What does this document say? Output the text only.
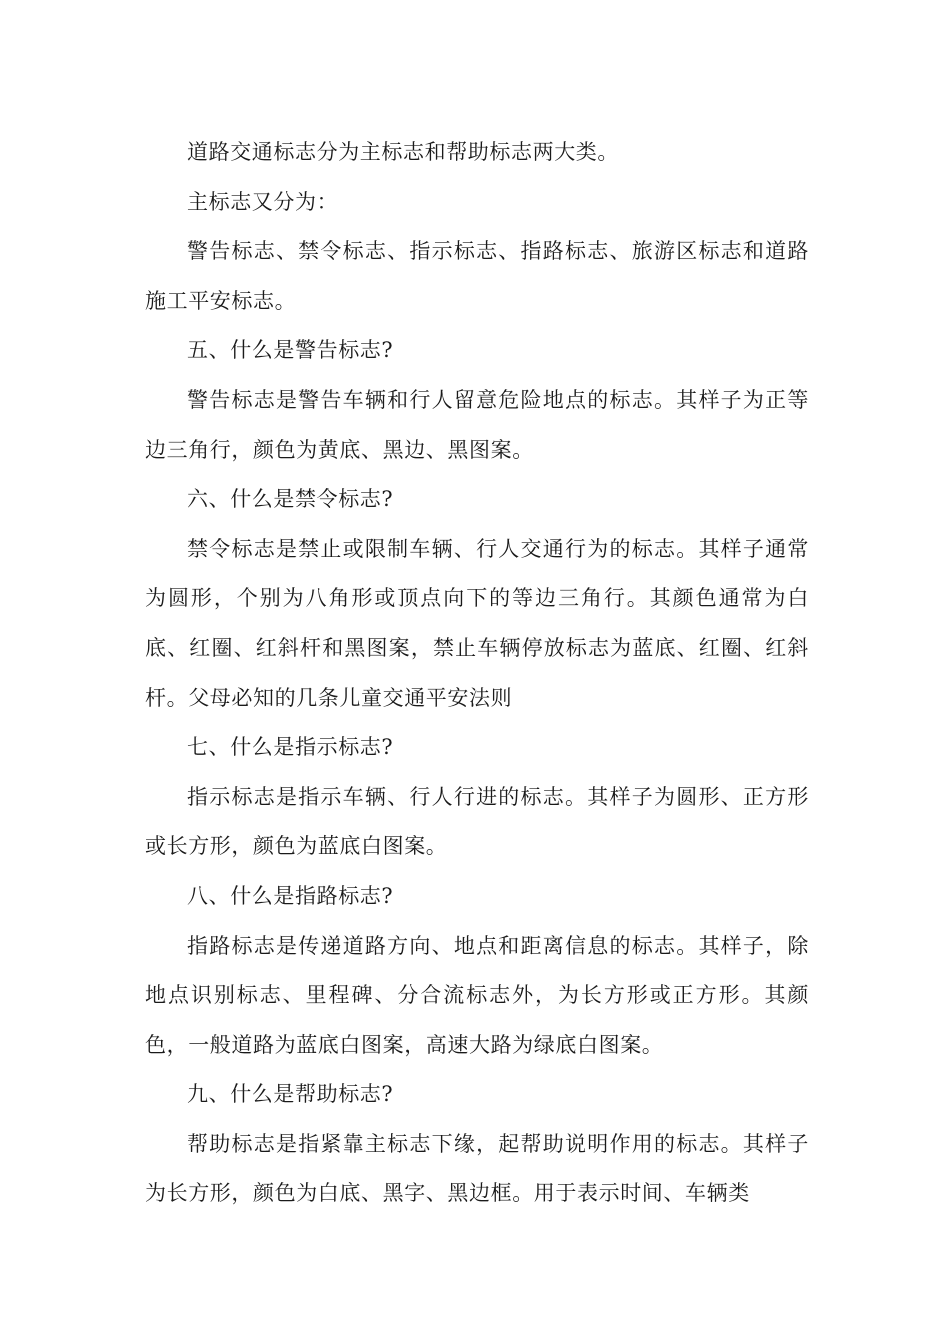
道路交通标志分为主标志和帮助标志两大类。

主标志又分为：

警告标志、禁令标志、指示标志、指路标志、旅游区标志和道路施工平安标志。

五、什么是警告标志?

警告标志是警告车辆和行人留意危险地点的标志。其样子为正等边三角行，颜色为黄底、黑边、黑图案。

六、什么是禁令标志?

禁令标志是禁止或限制车辆、行人交通行为的标志。其样子通常为圆形，个别为八角形或顶点向下的等边三角行。其颜色通常为白底、红圈、红斜杆和黑图案，禁止车辆停放标志为蓝底、红圈、红斜杆。父母必知的几条儿童交通平安法则

七、什么是指示标志?

指示标志是指示车辆、行人行进的标志。其样子为圆形、正方形或长方形，颜色为蓝底白图案。

八、什么是指路标志?

指路标志是传递道路方向、地点和距离信息的标志。其样子，除地点识别标志、里程碑、分合流标志外，为长方形或正方形。其颜色，一般道路为蓝底白图案，高速大路为绿底白图案。

九、什么是帮助标志?

帮助标志是指紧靠主标志下缘，起帮助说明作用的标志。其样子为长方形，颜色为白底、黑字、黑边框。用于表示时间、车辆类
